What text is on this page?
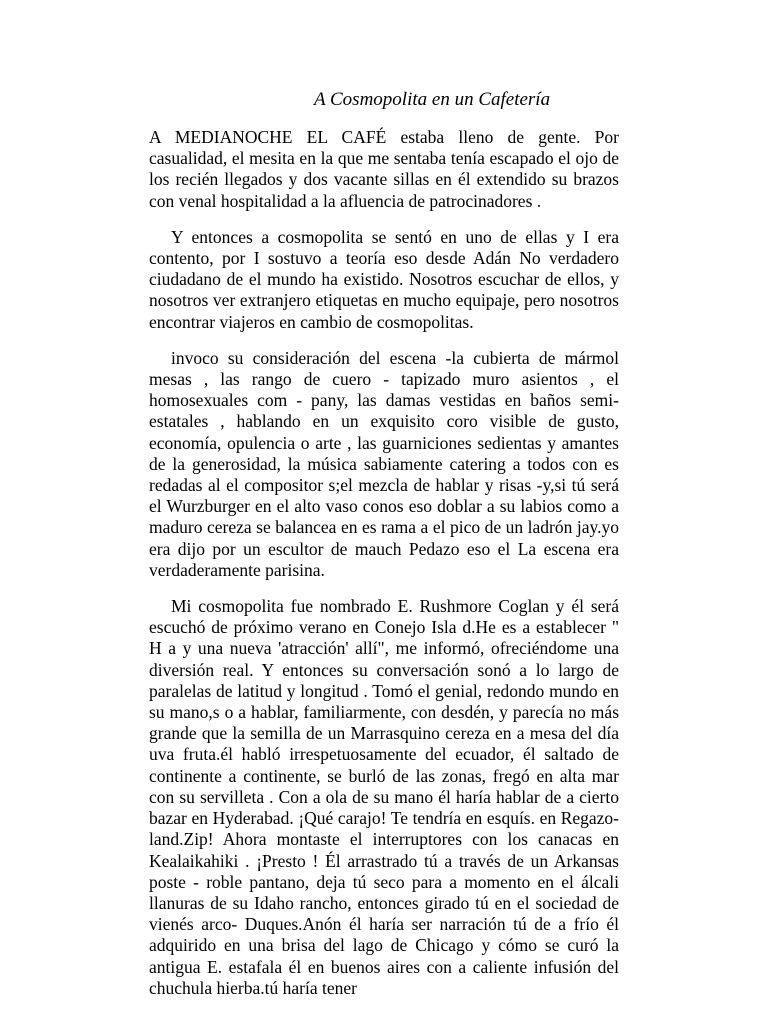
A Cosmopolita en un Cafetería

A MEDIANOCHE EL CAFÉ estaba lleno de gente. Por casualidad, el mesita en la que me sentaba tenía escapado el ojo de los recién llegados y dos vacante sillas en él extendido su brazos con venal hospitalidad a la afluencia de patrocinadores .

Y entonces a cosmopolita se sentó en uno de ellas y I era contento, por I sostuvo a teoría eso desde Adán No verdadero ciudadano de el mundo ha existido. Nosotros escuchar de ellos, y nosotros ver extranjero etiquetas en mucho equipaje, pero nosotros encontrar viajeros en cambio de cosmopolitas.

invoco su consideración del escena -la cubierta de mármol mesas , las rango de cuero - tapizado muro asientos , el homosexuales com - pany, las damas vestidas en baños semi- estatales , hablando en un exquisito coro visible de gusto, economía, opulencia o arte , las guarniciones sedientas y amantes de la generosidad, la música sabiamente catering a todos con es redadas al el compositor s;el mezcla de hablar y risas -y,si tú será el Wurzburger en el alto vaso conos eso doblar a su labios como a maduro cereza se balancea en es rama a el pico de un ladrón jay.yo era dijo por un escultor de mauch Pedazo eso el La escena era verdaderamente parisina.

Mi cosmopolita fue nombrado E. Rushmore Coglan y él será escuchó de próximo verano en Conejo Isla d.He es a establecer " H a y una nueva 'atracción' allí", me informó, ofreciéndome una diversión real. Y entonces su conversación sonó a lo largo de paralelas de latitud y longitud . Tomó el genial, redondo mundo en su mano,s o a hablar, familiarmente, con desdén, y parecía no más grande que la semilla de un Marrasquino cereza en a mesa del día uva fruta.él habló irrespetuosamente del ecuador, él saltado de continente a continente, se burló de las zonas, fregó en alta mar con su servilleta . Con a ola de su mano él haría hablar de a cierto bazar en Hyderabad. ¡Qué carajo! Te tendría en esquís. en Regazo- land.Zip! Ahora montaste el interruptores con los canacas en Kealaikahiki . ¡Presto ! Él arrastrado tú a través de un Arkansas poste - roble pantano, deja tú seco para a momento en el álcali llanuras de su Idaho rancho, entonces girado tú en el sociedad de vienés arco- Duques.Anón él haría ser narración tú de a frío él adquirido en una brisa del lago de Chicago y cómo se curó la antigua E. estafala él en buenos aires con a caliente infusión del chuchula hierba.tú haría tener
